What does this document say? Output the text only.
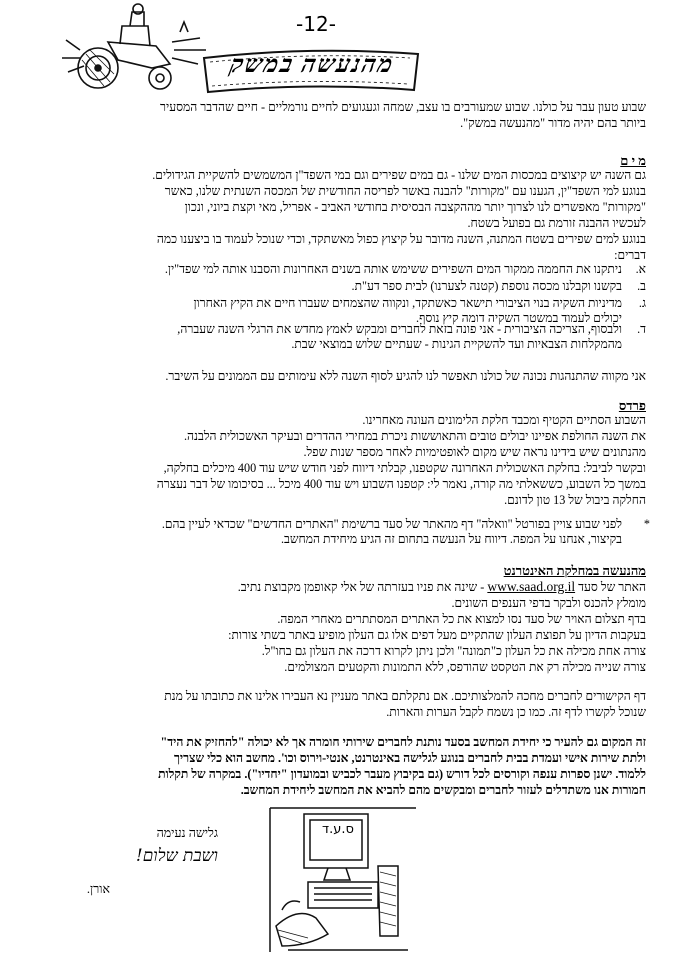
מהנעשה במשק
-12-
שבוע טעון עבר על כולנו. שבוע שמעורבים בו עצב, שמחה וגעגועים לחיים נורמליים - חיים שהדבר המסעיר
ביותר בהם יהיה מדור "מהנעשה במשק".
מ י ם
גם השנה יש קיצוצים במכסות המים שלנו - גם במים שפירים וגם במי השפד"ן המשמשים להשקיית הגידולים.
בנוגע למי השפד"ין, הגענו עם "מקורות" להבנה באשר לפריסה החודשית של המכסה השנתית שלנו, כאשר
"מקורות" מאפשרים לנו לצרוך יותר מההקצבה הבסיסית בחודשי האביב - אפריל, מאי וקצת ביוני, ונכון
לעכשיו ההבנה זורמת גם בפועל בשטח.
בנוגע למים שפירים בשטח המתנה, השנה מדובר על קיצוץ כפול מאשתקד, וכדי שנוכל לעמוד בו ביצענו כמה
דברים:
א.
ניתקנו את החממה ממקור המים השפירים ששימש אותה בשנים האחרונות והסבנו אותה למי שפד"ין.
ב.
בקשנו וקבלנו מכסה נוספת (קטנה לצערנו) לבית ספר דע"ת.
ג.
מדיניות השקיה בנוי הציבורי תישאר כאשתקד, ונקווה שהצמחים שעברו חיים את הקיץ האחרון
יכולים לעמוד במשטר השקיה דומה קיץ נוסף.
ד.
ולבסוף, הצריכה הציבורית - אני פונה בזאת לחברים ומבקש לאמץ מחדש את הרגלי השנה שעברה,
מהמקלחות הצבאיות ועד להשקיית הגינות - שעתיים שלוש במוצאי שבת.
אני מקווה שהתנהגות נכונה של כולנו תאפשר לנו להגיע לסוף השנה ללא עימותים עם הממונים על השיבר.
פרדס
השבוע הסתיים הקטיף ומכבד חלקת הלימונים העונה מאחרינו.
את השנה החולפת אפיינו יבולים טובים והתאוששות ניכרת במחירי ההדרים ובעיקר האשכולית הלבנה.
מהנתונים שיש בידינו נראה שיש מקום לאופטימיות לאחר מספר שנות שפל.
ובקשר לביבל: בחלקת האשכולית האחרונה שקטפנו, קבלתי דיווח לפני חודש שיש עוד 400 מיכלים בחלקה,
במשך כל השבוע, כששאלתי מה קורה, נאמר לי: קטפנו השבוע ויש עוד 400 מיכל ... בסיכומו של דבר נעצרה
החלקה ביבול של 13 טון לדונם.
*
לפני שבוע צויין בפורטל "וואלה" דף מהאתר של סעד ברשימת "האתרים החדשים" שכדאי לעיין בהם.
בקיצור, אנחנו על המפה. דיווח על הנעשה בתחום זה הגיע מיחידת המחשב.
מהנעשה במחלקת האינטרנט
האתר של סעד www.saad.org.il - שינה את פניו בעזרתה של אלי קאופמן מקבוצת נתיב.
מומלץ להכנס ולבקר בדפי הענפים השונים.
בדף תצלום האויר של סעד נסו למצוא את כל האתרים המסתתרים מאחרי המפה.
בעקבות הדיון על תפוצת העלון שהתקיים מעל דפים אלו גם העלון מופיע באתר בשתי צורות:
צורה אחת מכילה את כל העלון כ"תמונה" ולכן ניתן לקרוא דרכה את העלון גם בחו"ל.
צורה שנייה מכילה רק את הטקסט שהודפס, ללא התמונות והקטעים המצולמים.
דף הקישורים לחברים מחכה להמלצותיכם. אם נתקלתם באתר מעניין נא העבירו אלינו את כתובתו על מנת
שנוכל לקשרו לדף זה. כמו כן נשמח לקבל הערות והארות.
זה המקום גם להעיר כי יחידת המחשב בסעד נותנת לחברים שירותי חומרה אך לא יכולה "להחזיק את היד"
ולתת שירות אישי ועמדת בבית לחברים בנוגע לגלישה באינטרנט, אנטי-וירוס וכו'. מחשב הוא כלי שצריך
ללמוד. ישנן ספרות ענפה וקורסים לכל דורש (גם בקיבוץ מעבר לכביש ובמועדון "יחדיו"). במקרה של תקלות
חמורות אנו משתדלים לעזור לחברים ומבקשים מהם להביא את המחשב ליחידת המחשב.
ס.ע.ד
גלישה נעימה
ושבת שלום!
אורן.
